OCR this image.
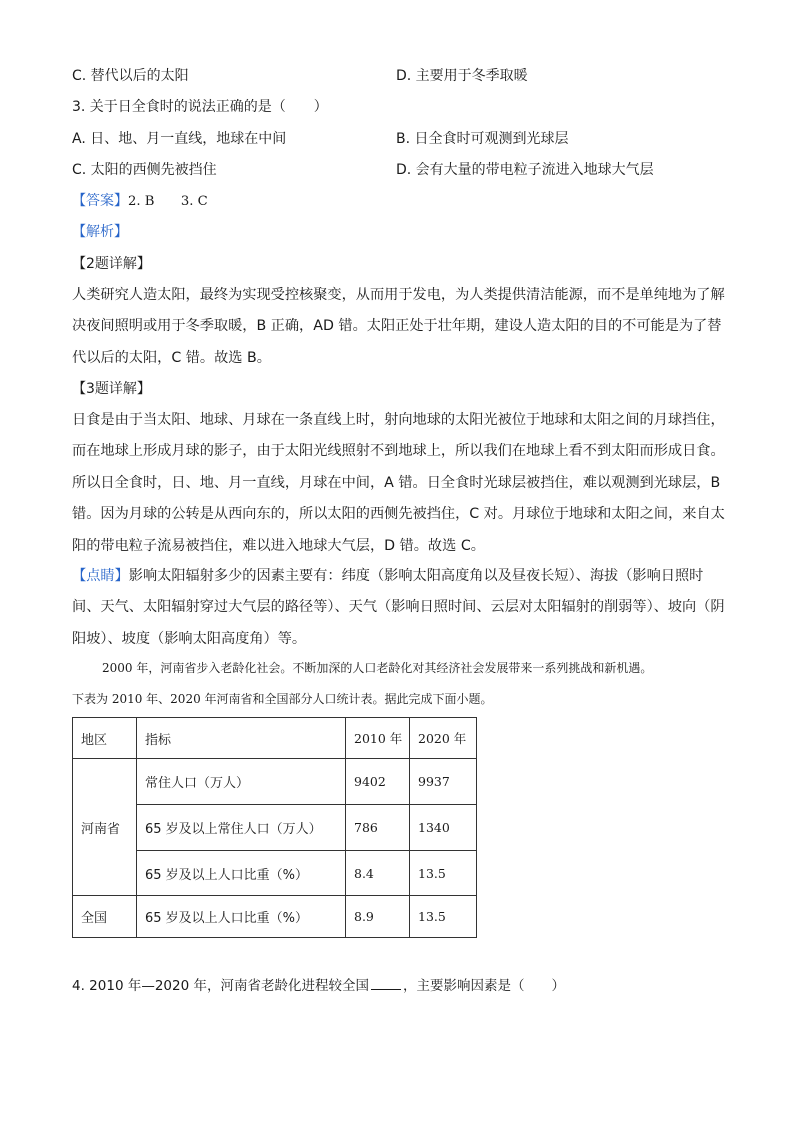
C. 替代以后的太阳	D. 主要用于冬季取暖
3. 关于日全食时的说法正确的是（　　）
A. 日、地、月一直线，地球在中间	B. 日全食时可观测到光球层
C. 太阳的西侧先被挡住	D. 会有大量的带电粒子流进入地球大气层
【答案】2. B　　3. C
【解析】
【2题详解】
人类研究人造太阳，最终为实现受控核聚变，从而用于发电，为人类提供清洁能源，而不是单纯地为了解
决夜间照明或用于冬季取暖，B 正确，AD 错。太阳正处于壮年期，建设人造太阳的目的不可能是为了替
代以后的太阳，C 错。故选 B。
【3题详解】
日食是由于当太阳、地球、月球在一条直线上时，射向地球的太阳光被位于地球和太阳之间的月球挡住，
而在地球上形成月球的影子，由于太阳光线照射不到地球上，所以我们在地球上看不到太阳而形成日食。
所以日全食时，日、地、月一直线，月球在中间，A 错。日全食时光球层被挡住，难以观测到光球层，B
错。因为月球的公转是从西向东的，所以太阳的西侧先被挡住，C 对。月球位于地球和太阳之间，来自太
阳的带电粒子流易被挡住，难以进入地球大气层，D 错。故选 C。
【点睛】影响太阳辐射多少的因素主要有：纬度（影响太阳高度角以及昼夜长短）、海拔（影响日照时
间、天气、太阳辐射穿过大气层的路径等）、天气（影响日照时间、云层对太阳辐射的削弱等）、坡向（阴
阳坡）、坡度（影响太阳高度角）等。
2000 年，河南省步入老龄化社会。不断加深的人口老龄化对其经济社会发展带来一系列挑战和新机遇。
下表为 2010 年、2020 年河南省和全国部分人口统计表。据此完成下面小题。
地区	指标	2010 年	2020 年
河南省	常住人口（万人）	9402	9937
	65 岁及以上常住人口（万人）	786	1340
	65 岁及以上人口比重（%）	8.4	13.5
全国	65 岁及以上人口比重（%）	8.9	13.5
4. 2010 年—2020 年，河南省老龄化进程较全国	，主要影响因素是（　　）
